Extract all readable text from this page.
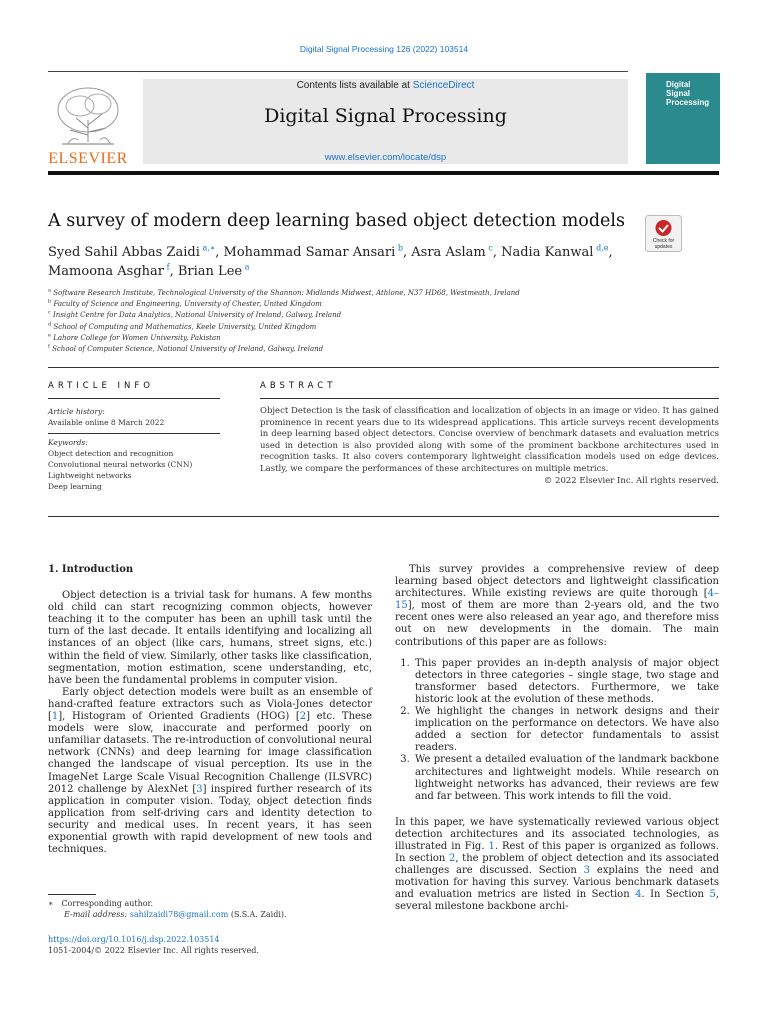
Digital Signal Processing 126 (2022) 103514
ELSEVIER
Contents lists available at ScienceDirect
Digital Signal Processing
www.elsevier.com/locate/dsp
Digital Signal Processing
A survey of modern deep learning based object detection models
Check for
updates
Syed Sahil Abbas Zaidi  $^{a,∗}$, Mohammad Samar Ansari  $^b$, Asra Aslam  $^c$, Nadia Kanwal  $^{d,e}$,
Mamoona Asghar  $^f$, Brian Lee  $^a$
$^a$ Software Research Institute, Technological University of the Shannon: Midlands Midwest, Athlone, N37 HD68, Westmeath, Ireland
$^b$ Faculty of Science and Engineering, University of Chester, United Kingdom
$^c$ Insight Centre for Data Analytics, National University of Ireland, Galway, Ireland
$^d$ School of Computing and Mathematics, Keele University, United Kingdom
$^e$ Lahore College for Women University, Pakistan
$^f$ School of Computer Science, National University of Ireland, Galway, Ireland
ARTICLE INFO	ABSTRACT
Article history:
Available online 8 March 2022
Keywords:
Object detection and recognition
Convolutional neural networks (CNN)
Lightweight networks
Deep learning
Object Detection is the task of classification and localization of objects in an image or video. It has gained prominence in recent years due to its widespread applications. This article surveys recent developments in deep learning based object detectors. Concise overview of benchmark datasets and evaluation metrics used in detection is also provided along with some of the prominent backbone architectures used in recognition tasks. It also covers contemporary lightweight classification models used on edge devices. Lastly, we compare the performances of these architectures on multiple metrics.
© 2022 Elsevier Inc. All rights reserved.

1. Introduction

Object detection is a trivial task for humans. A few months old child can start recognizing common objects, however teaching it to the computer has been an uphill task until the turn of the last decade. It entails identifying and localizing all instances of an object (like cars, humans, street signs, etc.) within the field of view. Similarly, other tasks like classification, segmentation, motion estimation, scene understanding, etc, have been the fundamental problems in computer vision.

Early object detection models were built as an ensemble of hand-crafted feature extractors such as Viola-Jones detector [1], Histogram of Oriented Gradients (HOG) [2] etc. These models were slow, inaccurate and performed poorly on unfamiliar datasets. The re-introduction of convolutional neural network (CNNs) and deep learning for image classification changed the landscape of visual perception. Its use in the ImageNet Large Scale Visual Recognition Challenge (ILSVRC) 2012 challenge by AlexNet [3] inspired further research of its application in computer vision. Today, object detection finds application from self-driving cars and identity detection to security and medical uses. In recent years, it has seen exponential growth with rapid development of new tools and techniques.

This survey provides a comprehensive review of deep learning based object detectors and lightweight classification architectures. While existing reviews are quite thorough [4–15], most of them are more than 2-years old, and the two recent ones were also released an year ago, and therefore miss out on new developments in the domain. The main contributions of this paper are as follows:

1. This paper provides an in-depth analysis of major object detectors in three categories – single stage, two stage and transformer based detectors. Furthermore, we take historic look at the evolution of these methods.
2. We highlight the changes in network designs and their implication on the performance on detectors. We have also added a section for detector fundamentals to assist readers.
3. We present a detailed evaluation of the landmark backbone architectures and lightweight models. While research on lightweight networks has advanced, their reviews are few and far between. This work intends to fill the void.

In this paper, we have systematically reviewed various object detection architectures and its associated technologies, as illustrated in Fig. 1. Rest of this paper is organized as follows. In section 2, the problem of object detection and its associated challenges are discussed. Section 3 explains the need and motivation for having this survey. Various benchmark datasets and evaluation metrics are listed in Section 4. In Section 5, several milestone backbone archi-

∗  Corresponding author.
E-mail address: sahilzaidi78@gmail.com (S.S.A. Zaidi).
https://doi.org/10.1016/j.dsp.2022.103514
1051-2004/© 2022 Elsevier Inc. All rights reserved.
